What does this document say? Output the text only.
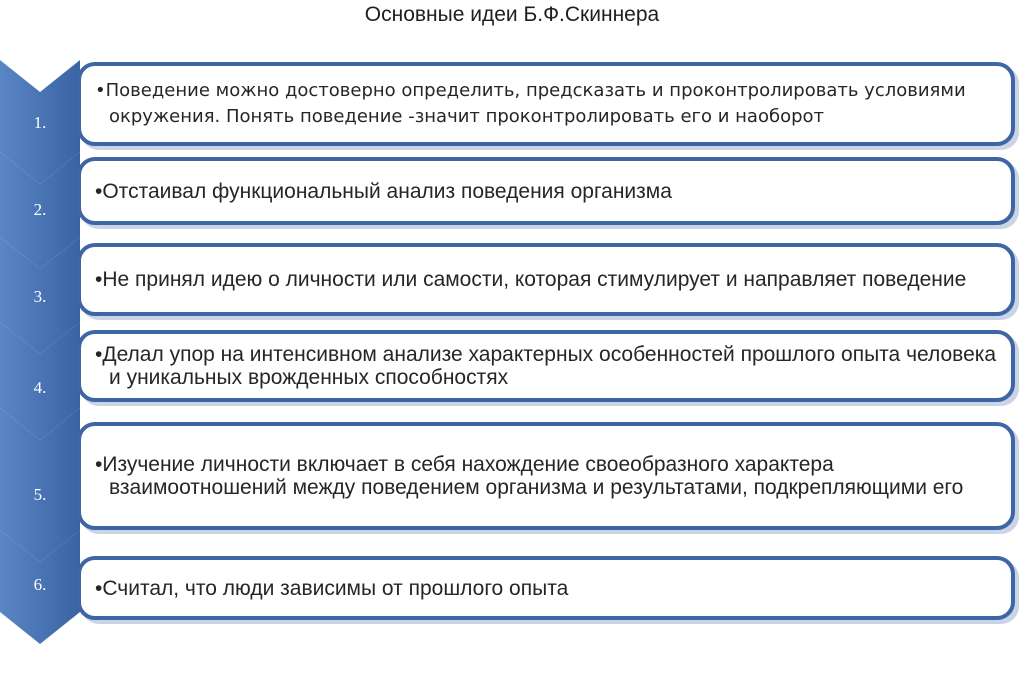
Основные идеи Б.Ф.Скиннера
1.
2.
3.
4.
5.
6.
•Поведение можно достоверно определить, предсказать и проконтролировать условиями окружения. Понять поведение -значит проконтролировать его и наоборот
•Отстаивал функциональный анализ поведения организма
•Не принял идею о личности или самости, которая стимулирует и направляет поведение
•Делал упор на интенсивном анализе характерных особенностей прошлого опыта человека и уникальных врожденных способностях
•Изучение личности включает в себя нахождение своеобразного характера взаимоотношений между поведением организма и результатами, подкрепляющими его
•Считал, что люди зависимы от прошлого опыта
